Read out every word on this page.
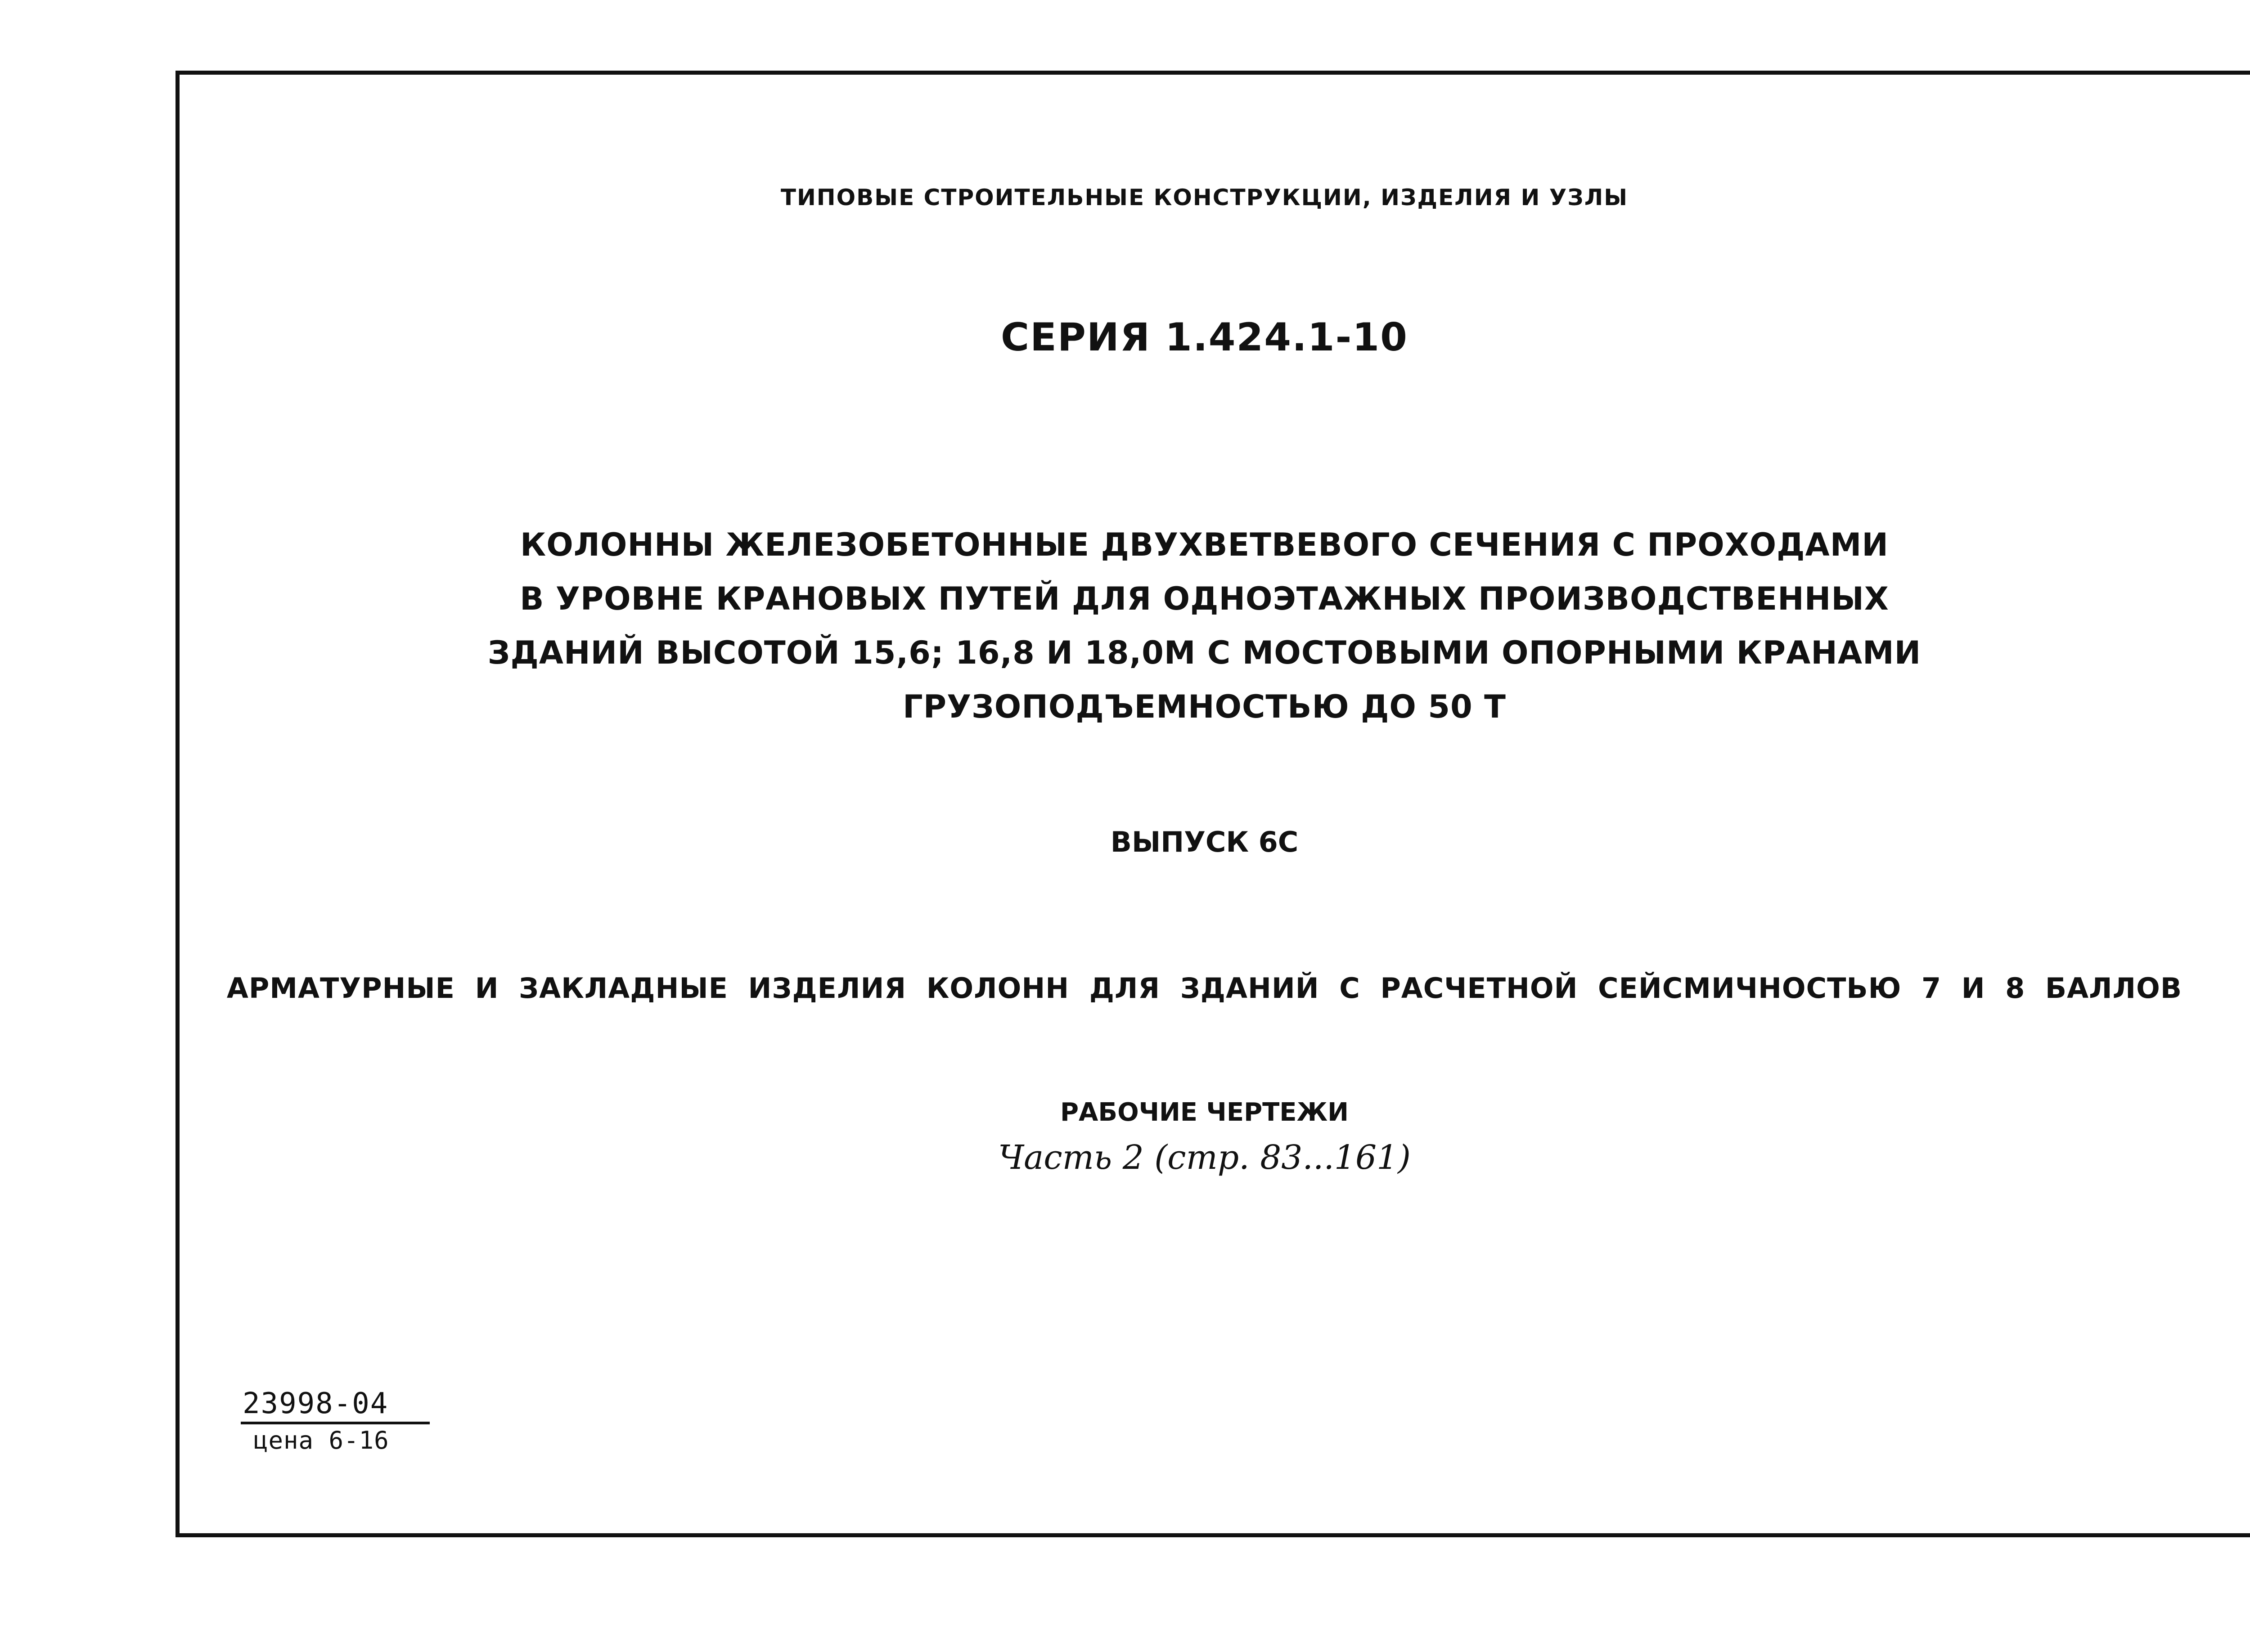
ТИПОВЫЕ СТРОИТЕЛЬНЫЕ КОНСТРУКЦИИ, ИЗДЕЛИЯ И УЗЛЫ
СЕРИЯ 1.424.1-10
КОЛОННЫ ЖЕЛЕЗОБЕТОННЫЕ ДВУХВЕТВЕВОГО СЕЧЕНИЯ С ПРОХОДАМИ
В УРОВНЕ КРАНОВЫХ ПУТЕЙ ДЛЯ ОДНОЭТАЖНЫХ ПРОИЗВОДСТВЕННЫХ
ЗДАНИЙ ВЫСОТОЙ 15,6; 16,8 И 18,0М С МОСТОВЫМИ ОПОРНЫМИ КРАНАМИ
ГРУЗОПОДЪЕМНОСТЬЮ ДО 50 Т
ВЫПУСК 6С
АРМАТУРНЫЕ И ЗАКЛАДНЫЕ ИЗДЕЛИЯ КОЛОНН ДЛЯ ЗДАНИЙ С РАСЧЕТНОЙ СЕЙСМИЧНОСТЬЮ 7 И 8 БАЛЛОВ
РАБОЧИЕ ЧЕРТЕЖИ
Часть 2 (стр. 83...161)
23998-04
цена 6-16
